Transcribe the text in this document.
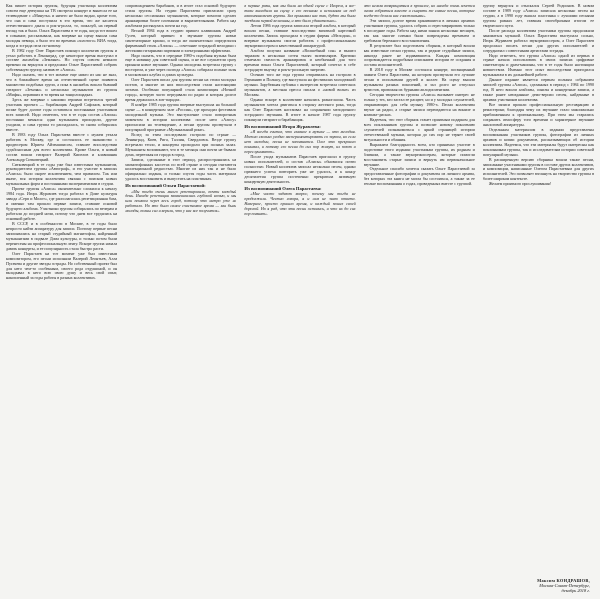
Как пишет история группы, будущая участница коллектива совсем еще девчушка на ТВ смотрела концерт и вынесла ее на телевидение с «Минуты» и ничего не было видно, кроме того, что она и сама поступила в это время, что же касается отечественного джаза и рок-н-ролла, то, пожалуй, на первый взгляд так и было. Ольга Парастаева в те годы, когда тот вошел в сознание, рассказывала, как впервые на сцену вышла сама молодая певица, а было это во времена «золотого» ВИА тогда, когда и эстрада пела по-новому.

В 1982 году Олег Парастаев покинул коллектив группы и уехал работать в Ленинград, где некоторое время выступал в составе ансамбля «Земляне». Но спустя совсем немного времени он вернулся и предложил Ольге Парастаевой собрать собственную группу, назвав ее «Алиса».

Надо сказать, что в тот момент еще никто из нас не знал, что в ближайшее время на отечественной сцене появится множество подобных групп, а пока в ансамбль вошли бывший гитарист «Землян» и несколько музыкантов из группы «Мифы», игравших в то время на танцплощадках.

Здесь же впервые с нашими героями встретился третий участник проекта — барабанщик Андрей Сафонов, который позже будет долгие годы оставаться постоянным участником всех записей. Надо отметить, что в те годы состав «Алисы» постоянно менялся: одни музыканты приходили, другие уходили, и сама группа то распадалась, то снова собиралась вместе.

В 1983 году Ольга Парастаева вместе с мужем уехала работать в Москву, где и состоялось ее знакомство с продюсером Юрием Айзеншписом, ставшее впоследствии судьбоносным для всего коллектива. Кроме Ольги, в новый состав вошли гитарист Валерий Кипелов и клавишник Александр Ситковецкий.

Ситковецкий в те годы уже был известным музыкантом, руководителем группы «Автограф», и его участие в записях «Алисы» было скорее исключением, чем правилом. Так или иначе, вся история коллектива связана с поиском новых музыкальных форм и постоянными экспериментами в студии.

Проект группы «Алиса» окончательно сложился к началу 1984 года. Игорь Журавлев тогда работал в Доме культуры завода «Серп и Молот», где располагалась репетиционная база, и именно там прошли первые записи, ставшие основой будущего альбома. Участники группы собирались по вечерам и работали до поздней ночи, потому что днем все трудились на основной работе.

В СССР, и в особенности в Москве, в те годы было непросто найти аппаратуру для записи. Поэтому первые песни записывались на старый студийный магнитофон, найденный музыкантами в подвале Дома культуры, и только потом были перенесены на профессиональную ленту. Вскоре группа начала давать концерты, и ее популярность стала быстро расти.

Олег Парастаев на тот момент уже был известным композитором, его песни исполняли Валерий Леонтьев, Алла Пугачева и другие звезды эстрады. Но собственный проект был для него чем-то особенным, своего рода отдушиной, и он вкладывал в него всю свою душу и весь свой опыт, накопленный за годы работы в разных коллективах.

сопровождением барабанов, и в итоге стал основой будущего стиля группы. На студии Парастаева пригласили сразу несколько сессионных музыкантов, которые помогли сделать аранжировки более плотными и выразительными. Работа над альбомом растянулась почти на год.

Весной 1984 года в студию пришел клавишник Андрей Гусев, который привнес в звучание группы новые синтезаторные краски, и тогда же окончательно определился фирменный стиль «Алисы» — сочетание эстрадной мелодики с жесткими гитарными партиями и электронными эффектами.

Надо сказать, что в середине 1980-х подобная музыка была еще в новинку для советской сцены, и не все слушатели сразу приняли новое звучание. Однако молодежь встретила группу с восторгом, и уже через полгода «Алиса» собирала полные залы в московских клубах и домах культуры.

Олег Парастаев писал для группы песни на стихи молодых поэтов, и многие из них впоследствии стали настоящими хитами. Особенно популярной стала композиция «Ночной город», которую часто передавали по радио и которая долгое время держалась в хит-парадах.

В ноябре 1985 года группа впервые выступила на большой сцене — в концертном зале «Россия», где проходил фестиваль молодежной музыки. Это выступление стало поворотным моментом в истории коллектива: после него «Алису» пригласили на телевидение, а песни группы прозвучали в популярной программе «Музыкальный ринг».

Вслед за этим последовали гастроли по стране — Ленинград, Киев, Рига, Таллин, Свердловск. Везде группу встречали тепло, и концерты проходили при полных залах. Музыканты вспоминают, что в те месяцы они почти не бывали дома, переезжая из города в город.

Записи, сделанные в этот период, распространялись на магнитофонных кассетах по всей стране и сегодня считаются коллекционной редкостью. Многие из них так и не были официально изданы, и только спустя годы часть материала удалось восстановить и выпустить на пластинках.

Из воспоминаний Ольги Парастаевой:

«Мы тогда очень много репетировали, почти каждый день. Иногда репетиции заканчивались глубокой ночью, и мы шли пешком через весь город, потому что метро уже не работало. Но это было самое счастливое время — мы были молоды, полны сил и верили, что у нас все получится».

в первые разы, как мы были на одной сцене с Игорем, я все-таки выходила на сцену с его песнями и исполняла их под аккомпанемент группы. Зал принимал нас так, будто мы были звездами первой величины, и это было удивительно».

Летом 1986 года группа записала второй альбом, в который вошли песни, ставшие впоследствии визитной карточкой коллектива. Запись проходила в студии фирмы «Мелодия», и впервые музыканты смогли работать с профессиональным звукорежиссером и качественной аппаратурой.

Альбом получил название «Волшебный сон» и вышел тиражом в несколько сотен тысяч экземпляров. Критики отмечали смелость аранжировок и необычный для того времени вокал Ольги Парастаевой, который сочетал в себе эстрадную выучку и рок-н-ролльную энергию.

Осенью того же года группа отправилась на гастроли в Германию и Польшу, где выступала на фестивалях молодежной музыки. Зарубежная публика с интересом встретила советских музыкантов, а местная пресса писала о «новой волне» из Москвы.

Однако вскоре в коллективе начались разногласия. Часть музыкантов хотела двигаться в сторону жесткого рока, тогда как Олег Парастаев настаивал на сохранении мелодичного эстрадного звучания. В итоге в начале 1987 года группу покинули гитарист и барабанщик.

Из воспоминаний Игоря Журавлева:

«Я всегда считал, что главное в музыке — это мелодия. Можно сколько угодно экспериментировать со звуком, но если нет мелодии, песня не запомнится. Олег это прекрасно понимал, и потому его песни до сих пор живут, их поют и переслушивают».

После ухода музыкантов Парастаев пригласил в группу новых исполнителей, и состав «Алисы» обновился почти полностью. Новый коллектив записал несколько песен, однако прежнего успеха повторить уже не удалось, и к концу десятилетия группа постепенно прекратила активную концертную деятельность.

Из воспоминаний Олега Парастаева:

«Мне часто задают вопрос, почему мы тогда не продолжили. Честно говоря, я и сам не знаю ответа. Наверное, просто пришло время, и каждый пошел своей дорогой. Но я рад, что эти песни остались, и что их до сих пор помнят».

что нельзя возвращаться в прошлое, но иногда очень хочется снова собраться вместе и сыграть те самые песни, которые когда-то делали нас счастливыми».

Эти записи, долгое время хранившиеся в личных архивах участников группы, удалось собрать и отреставрировать только в последние годы. Работа над ними заняла несколько месяцев, так как многие пленки были повреждены временем и требовали бережного восстановления.

В результате был подготовлен сборник, в который вошли как известные песни группы, так и редкие студийные записи, никогда ранее не издававшиеся. Каждая композиция сопровождается подробным описанием истории ее создания и состава исполнителей.

В 2018 году в Москве состоялся концерт, посвященный памяти Олега Парастаева, на котором прозвучали его лучшие песни в исполнении друзей и коллег. На сцену вышли музыканты разных поколений, и зал долго не отпускал артистов, провожая их бурными аплодисментами.

Сегодня творчество группы «Алиса» вызывает интерес не только у тех, кто застал ее расцвет, но и у молодых слушателей, открывающих для себя музыку 1980-х. Песни коллектива звучат на радио, а старые записи переиздаются на виниле и компакт-дисках.

Надеемся, что этот сборник станет приятным подарком для всех поклонников группы и позволит новому поколению слушателей познакомиться с яркой страницей истории отечественной музыки, которая до сих пор не теряет своей актуальности и обаяния.

Выражаем благодарность всем, кто принимал участие в подготовке этого издания: участникам группы, их родным и близким, а также звукорежиссерам, которые помогли восстановить старые записи и вернуть им первоначальное звучание.

Отдельное спасибо хочется сказать Ольге Парастаевой за предоставленные фотографии и документы из личного архива, без которых эта книга не могла бы состояться, а также за ее теплые воспоминания о годах, проведенных вместе с группой.

группу вернулся и отыскался Сергей Родионов. В новом составе в 1989 году «Алиса» записала несколько песен на студии, а в 1990 году вышла пластинка с лучшими песнями группы разных лет, ставшая своеобразным итогом ее творческого пути.

После распада коллектива участники группы продолжили заниматься музыкой. Ольга Парастаева выступала сольно, Игорь Журавлев работал звукорежиссером, а Олег Парастаев продолжал писать песни для других исполнителей и сотрудничал с известными артистами эстрады.

Надо отметить, что группа «Алиса» одной из первых в стране начала использовать в своих записях цифровые синтезаторы и драм-машины, что в те годы было настоящим новшеством. Именно этот опыт впоследствии пригодился музыкантам в их дальнейшей работе.

Данное издание является первым полным собранием записей группы «Алиса», сделанных в период с 1984 по 1990 год. В него вошли альбомы, синглы и концертные записи, а также ранее неизданные демо-версии песен, найденные в архивах участников коллектива.

Все записи прошли профессиональную реставрацию и ремастеринг, благодаря чему их звучание стало максимально приближенным к оригинальному. При этом мы старались сохранить атмосферу того времени и характерное звучание аналоговой аппаратуры.

Отдельным материалом в издании представлены воспоминания участников группы, фотографии из личных архивов и копии документов, рассказывающих об истории коллектива. Надеемся, что эти материалы будут интересны как поклонникам группы, так и исследователям истории советской популярной музыки.

В расширенную версию сборника вошли также песни, записанные участниками группы в составе других коллективов, и композиции, написанные Олегом Парастаевым для других исполнителей. Это позволяет взглянуть на творчество группы в более широком контексте.

Желаем приятного прослушивания!

Максим КОНДРАШОВ,
Москва-Санкт-Петербург,
декабрь 2018 г.
